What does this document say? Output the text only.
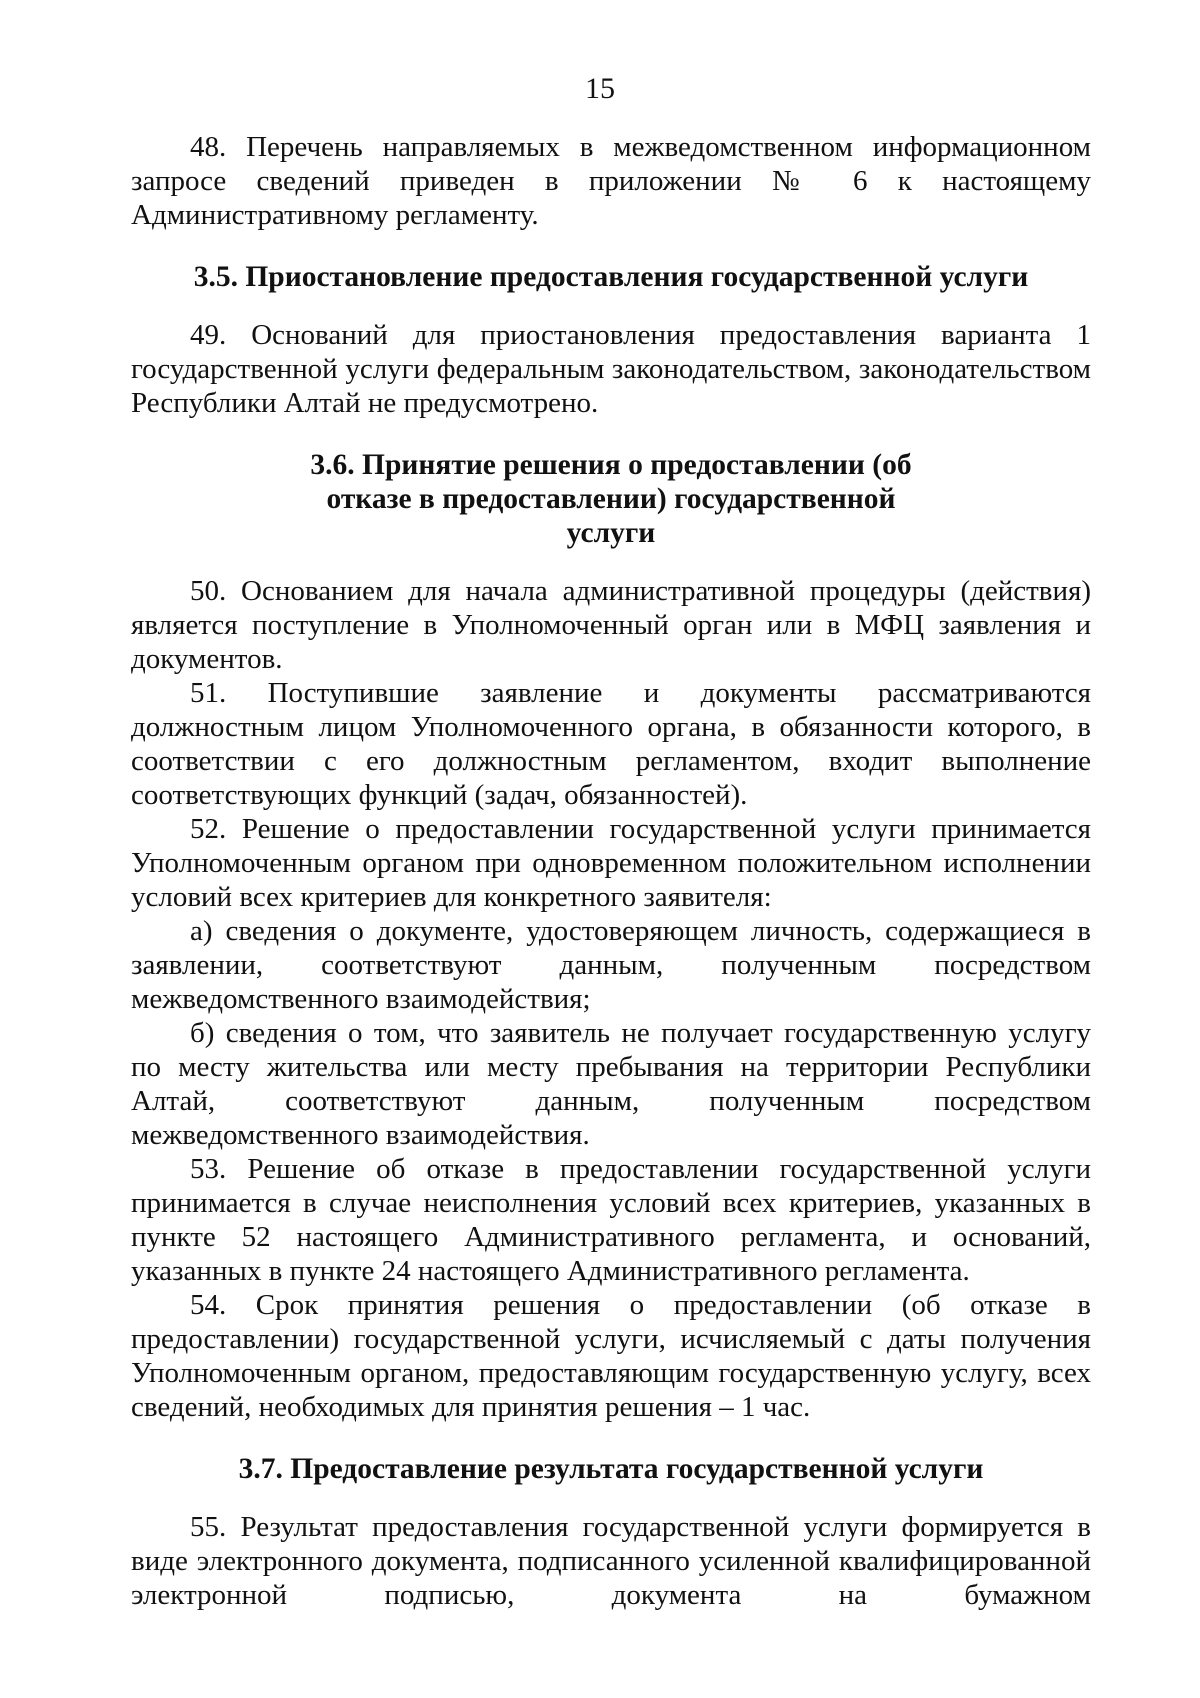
15

48. Перечень направляемых в межведомственном информационном запросе сведений приведен в приложении № 6 к настоящему Административному регламенту.

3.5. Приостановление предоставления государственной услуги

49. Оснований для приостановления предоставления варианта 1 государственной услуги федеральным законодательством, законодательством Республики Алтай не предусмотрено.

3.6. Принятие решения о предоставлении (об отказе в предоставлении) государственной услуги

50. Основанием для начала административной процедуры (действия) является поступление в Уполномоченный орган или в МФЦ заявления и документов.

51. Поступившие заявление и документы рассматриваются должностным лицом Уполномоченного органа, в обязанности которого, в соответствии с его должностным регламентом, входит выполнение соответствующих функций (задач, обязанностей).

52. Решение о предоставлении государственной услуги принимается Уполномоченным органом при одновременном положительном исполнении условий всех критериев для конкретного заявителя:

а) сведения о документе, удостоверяющем личность, содержащиеся в заявлении, соответствуют данным, полученным посредством межведомственного взаимодействия;

б) сведения о том, что заявитель не получает государственную услугу по месту жительства или месту пребывания на территории Республики Алтай, соответствуют данным, полученным посредством межведомственного взаимодействия.

53. Решение об отказе в предоставлении государственной услуги принимается в случае неисполнения условий всех критериев, указанных в пункте 52 настоящего Административного регламента, и оснований, указанных в пункте 24 настоящего Административного регламента.

54. Срок принятия решения о предоставлении (об отказе в предоставлении) государственной услуги, исчисляемый с даты получения Уполномоченным органом, предоставляющим государственную услугу, всех сведений, необходимых для принятия решения – 1 час.

3.7. Предоставление результата государственной услуги

55. Результат предоставления государственной услуги формируется в виде электронного документа, подписанного усиленной квалифицированной электронной подписью, документа на бумажном
